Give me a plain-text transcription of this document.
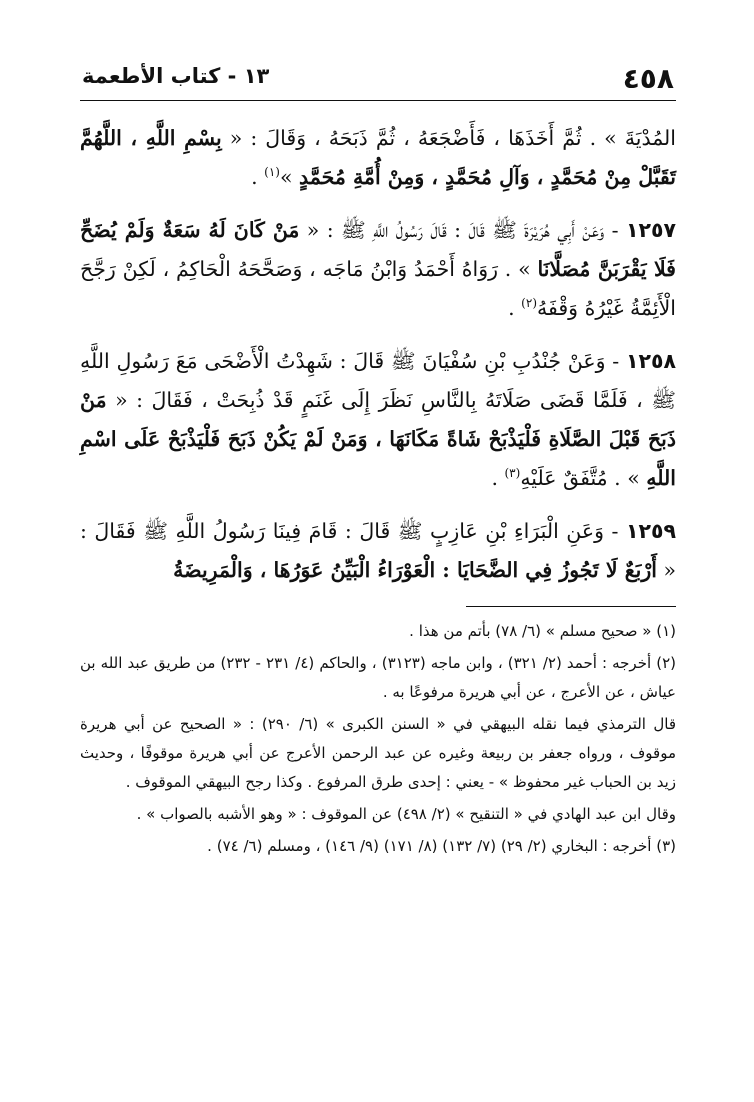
٤٥٨
١٣ - كتاب الأطعمة

المُدْيَةَ » . ثُمَّ أَخَذَهَا ، فَأَضْجَعَهُ ، ثُمَّ ذَبَحَهُ ، وَقَالَ : « بِسْمِ اللَّهِ ، اللَّهُمَّ تَقَبَّلْ مِنْ مُحَمَّدٍ ، وَآلِ مُحَمَّدٍ ، وَمِنْ أُمَّةِ مُحَمَّدٍ »$^{(١)}$ .

١٢٥٧ - وَعَنْ أَبِي هُرَيْرَةَ ﷺ قَالَ : قَالَ رَسُولُ اللَّهِ ﷺ : « مَنْ كَانَ لَهُ سَعَةٌ وَلَمْ يُضَحِّ فَلَا يَقْرَبَنَّ مُصَلَّانَا » . رَوَاهُ أَحْمَدُ وَابْنُ مَاجَه ، وَصَحَّحَهُ الْحَاكِمُ ، لَكِنْ رَجَّحَ الْأَئِمَّةُ غَيْرُهُ وَقْفَهُ$^{(٢)}$ .

١٢٥٨ - وَعَنْ جُنْدُبِ بْنِ سُفْيَانَ ﷺ قَالَ : شَهِدْتُ الْأَضْحَى مَعَ رَسُولِ اللَّهِ ﷺ ، فَلَمَّا قَضَى صَلَاتَهُ بِالنَّاسِ نَظَرَ إِلَى غَنَمٍ قَدْ ذُبِحَتْ ، فَقَالَ : « مَنْ ذَبَحَ قَبْلَ الصَّلَاةِ فَلْيَذْبَحْ شَاةً مَكَانَهَا ، وَمَنْ لَمْ يَكُنْ ذَبَحَ فَلْيَذْبَحْ عَلَى اسْمِ اللَّهِ » . مُتَّفَقٌ عَلَيْهِ$^{(٣)}$ .

١٢٥٩ - وَعَنِ الْبَرَاءِ بْنِ عَازِبٍ ﷺ قَالَ : قَامَ فِينَا رَسُولُ اللَّهِ ﷺ فَقَالَ : « أَرْبَعٌ لَا تَجُوزُ فِي الضَّحَايَا : الْعَوْرَاءُ الْبَيِّنُ عَوَرُهَا ، وَالْمَرِيضَةُ

(١) « صحيح مسلم » (٦/ ٧٨) بأتم من هذا .

(٢) أخرجه : أحمد (٢/ ٣٢١) ، وابن ماجه (٣١٢٣) ، والحاكم (٤/ ٢٣١ - ٢٣٢) من طريق عبد الله بن عياش ، عن الأعرج ، عن أبي هريرة مرفوعًا به .

قال الترمذي فيما نقله البيهقي في « السنن الكبرى » (٦/ ٢٩٠) : « الصحيح عن أبي هريرة موقوف ، ورواه جعفر بن ربيعة وغيره عن عبد الرحمن الأعرج عن أبي هريرة موقوفًا ، وحديث زيد بن الحباب غير محفوظ » - يعني : إحدى طرق المرفوع . وكذا رجح البيهقي الموقوف .

وقال ابن عبد الهادي في « التنقيح » (٢/ ٤٩٨) عن الموقوف : « وهو الأشبه بالصواب » .

(٣) أخرجه : البخاري (٢/ ٢٩) (٧/ ١٣٢) (٨/ ١٧١) (٩/ ١٤٦) ، ومسلم (٦/ ٧٤) .
